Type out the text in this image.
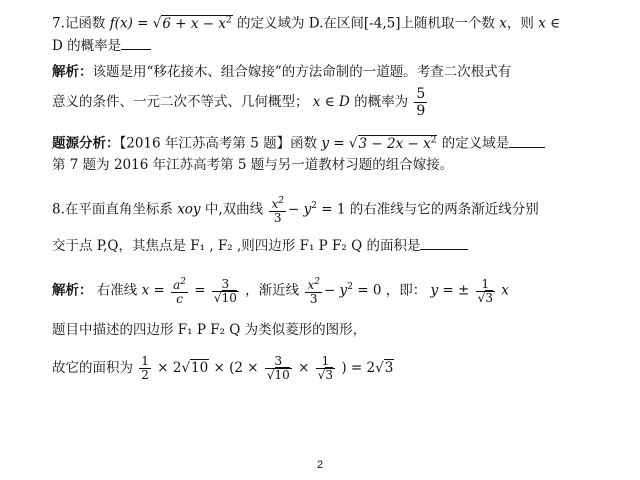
7.记函数 $f(x) = √6 + x - x^2$ 的定义域为 D.在区间[-4,5]上随机取一个数 x，则 x ∈
D 的概率是
解析：该题是用“移花接木、组合嫁接”的方法命制的一道题。考查二次根式有
意义的条件、一元二次不等式、几何概型； x ∈ D 的概率为 $\frac{5}{9}$
题源分析：【2016 年江苏高考第 5 题】函数 $y = √3 - 2x - x^2$ 的定义域是
第 7 题为 2016 年江苏高考第 5 题与另一道教材习题的组合嫁接。
8.在平面直角坐标系 xoy 中,双曲线 $\frac{x^2}{3} - y^2 = 1$ 的右准线与它的两条渐近线分别
交于点 P,Q，其焦点是 F₁ , F₂ ,则四边形 F₁ P F₂ Q 的面积是
解析： 右准线 $x = \frac{a^2}{c} = \frac{3}{√10}$ ，渐近线 $\frac{x^2}{3} - y^2 = 0$ ，即： y = ± $\frac{1}{√3}$ x
题目中描述的四边形 F₁ P F₂ Q 为类似菱形的图形，
故它的面积为 $\frac{1}{2} \times 2√10 \times (2 \times \frac{3}{√10} \times \frac{1}{√3}$ ) = 2√3
2
